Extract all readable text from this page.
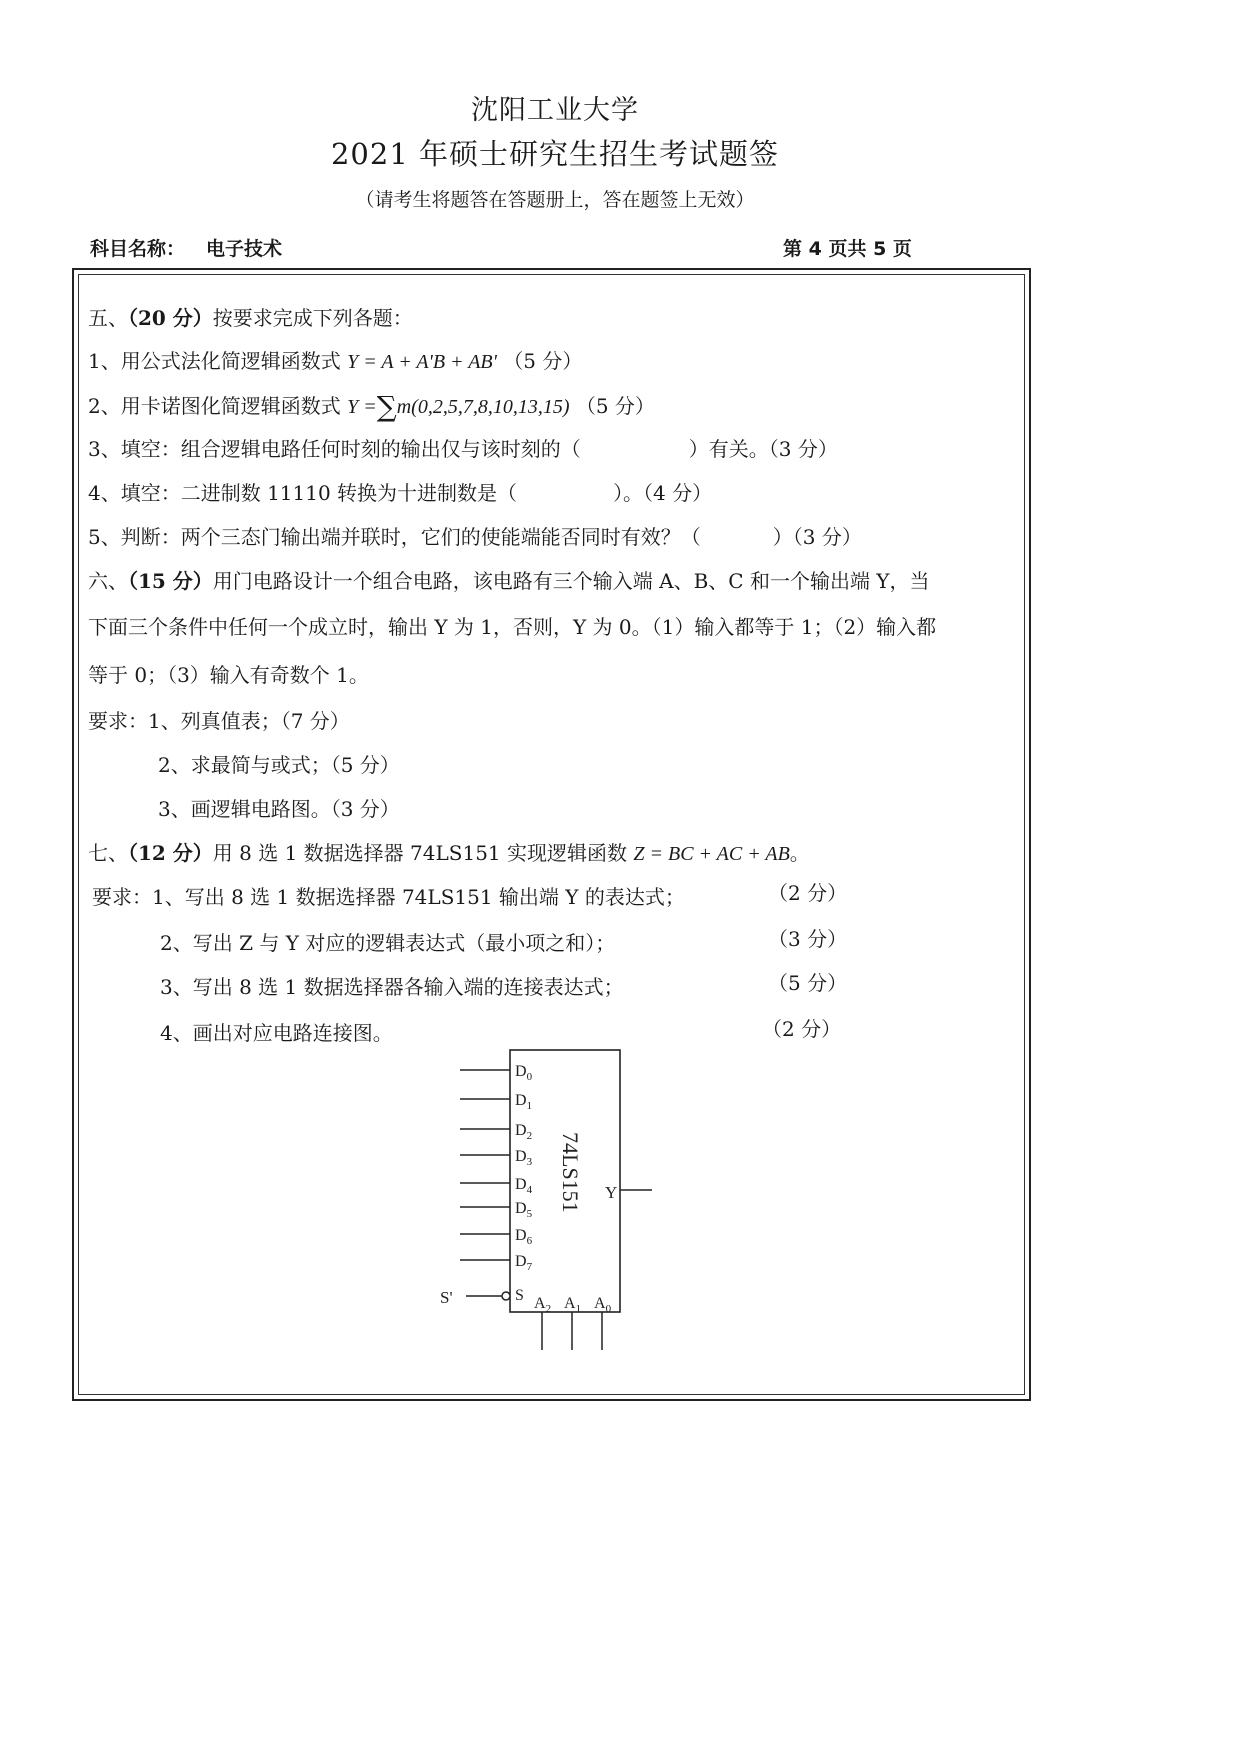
沈阳工业大学
2021 年硕士研究生招生考试题签
（请考生将题答在答题册上，答在题签上无效）
科目名称： 电子技术	第 4 页共 5 页
五、（20 分）按要求完成下列各题：
1、用公式法化简逻辑函数式 Y = A + A'B + AB' （5 分）
2、用卡诺图化简逻辑函数式 Y =∑m(0,2,5,7,8,10,13,15) （5 分）
3、填空：组合逻辑电路任何时刻的输出仅与该时刻的（	）有关。（3 分）
4、填空：二进制数 11110 转换为十进制数是（	）。（4 分）
5、判断：两个三态门输出端并联时，它们的使能端能否同时有效？（	）（3 分）
六、（15 分）用门电路设计一个组合电路，该电路有三个输入端 A、B、C 和一个输出端 Y，当
下面三个条件中任何一个成立时，输出 Y 为 1，否则，Y 为 0。（1）输入都等于 1；（2）输入都
等于 0；（3）输入有奇数个 1。
要求：1、列真值表；（7 分）
2、求最简与或式；（5 分）
3、画逻辑电路图。（3 分）
七、（12 分）用 8 选 1 数据选择器 74LS151 实现逻辑函数 Z = BC + AC + AB。
要求：1、写出 8 选 1 数据选择器 74LS151 输出端 Y 的表达式；	（2 分）
2、写出 Z 与 Y 对应的逻辑表达式（最小项之和）；	（3 分）
3、写出 8 选 1 数据选择器各输入端的连接表达式；	（5 分）
4、画出对应电路连接图。	（2 分）
74LS151
$D_0$
$D_1$
$D_2$
$D_3$
$D_4$
$D_5$
$D_6$
$D_7$
S'	S
Y
$A_2$ $A_1$ $A_0$
